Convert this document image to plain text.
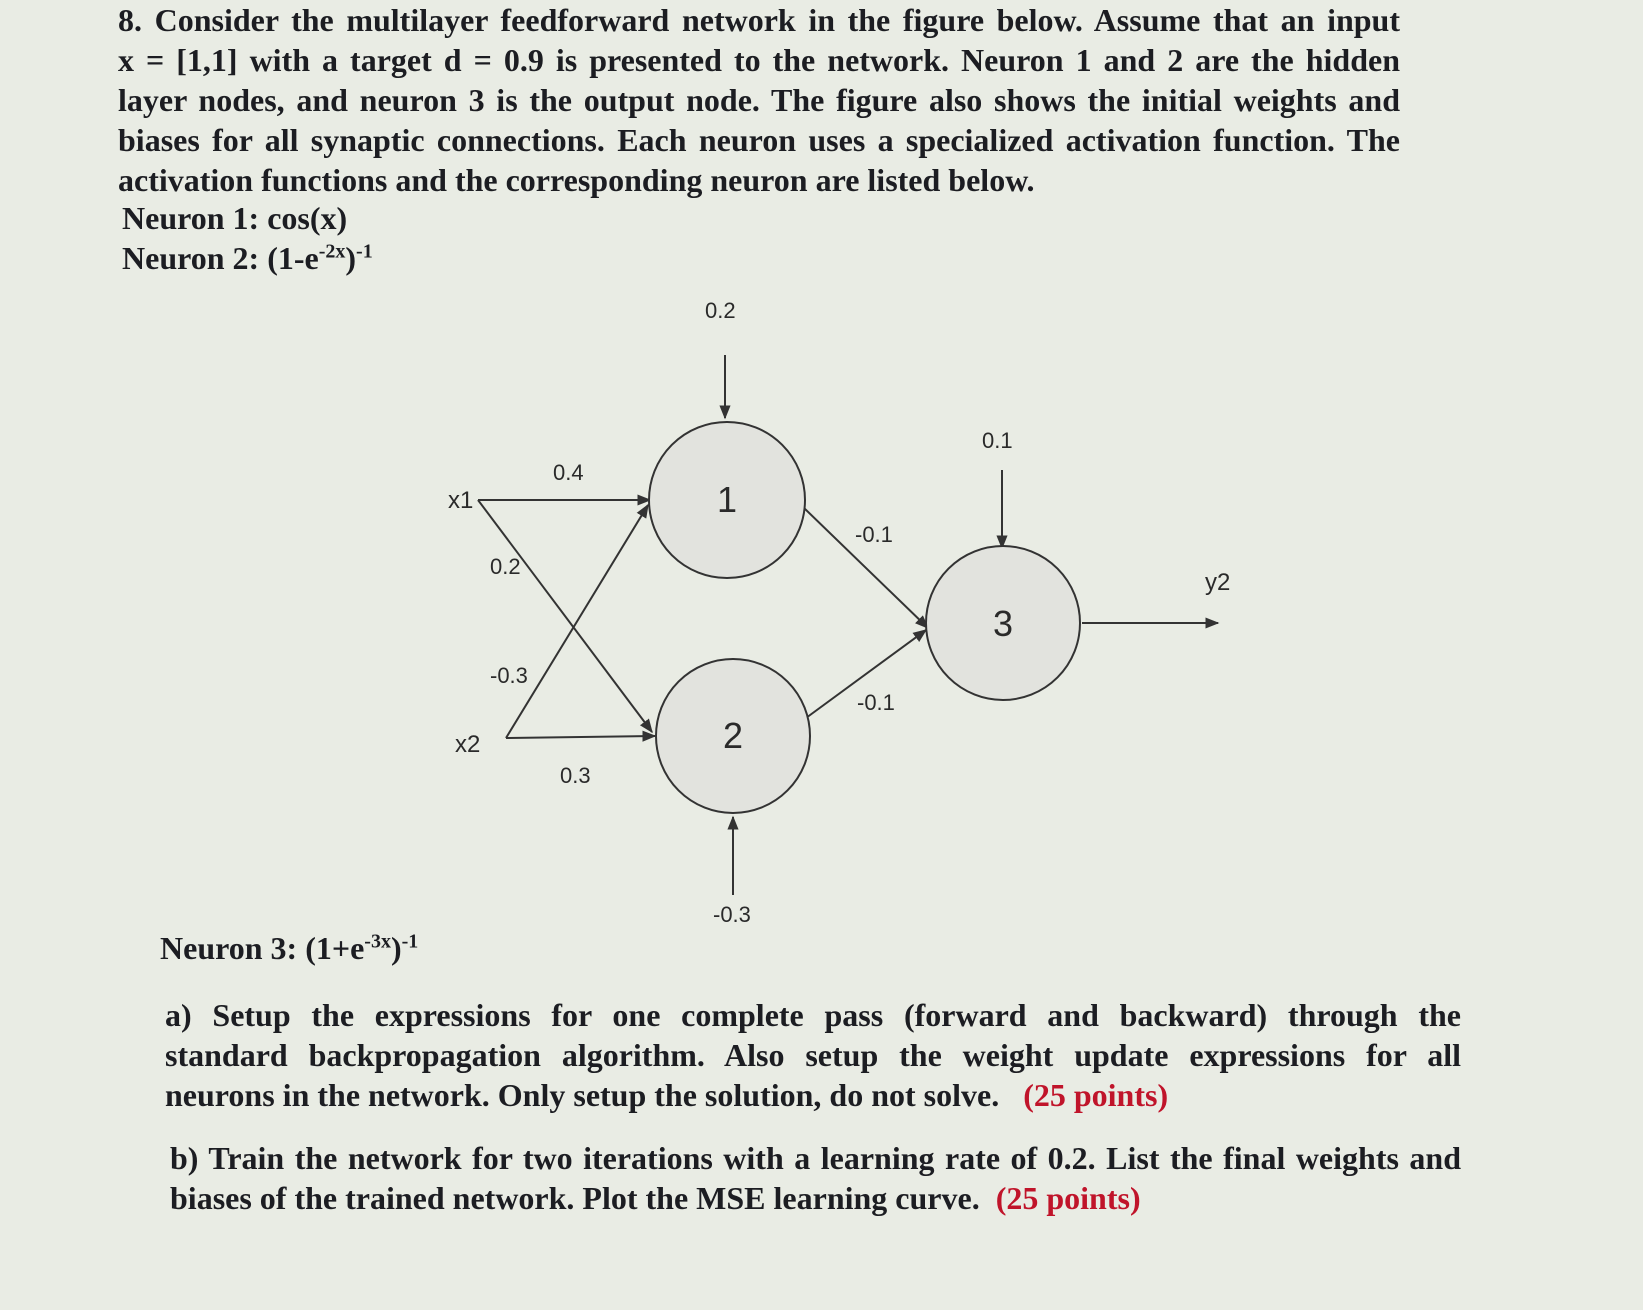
8. Consider the multilayer feedforward network in the figure below. Assume that an input
x = [1,1] with a target d = 0.9 is presented to the network. Neuron 1 and 2 are the hidden
layer nodes, and neuron 3 is the output node. The figure also shows the initial weights and
biases for all synaptic connections. Each neuron uses a specialized activation function. The
activation functions and the corresponding neuron are listed below.
Neuron 1: cos(x)
Neuron 2: $(1-e^{-2x})^{-1}$
1
2
3
x1
x2
y2
0.4
0.2
-0.3
0.3
-0.1
-0.1
0.2
-0.3
0.1
Neuron 3: $(1+e^{-3x})^{-1}$
a) Setup the expressions for one complete pass (forward and backward) through the
standard backpropagation algorithm. Also setup the weight update expressions for all
neurons in the network. Only setup the solution, do not solve. (25 points)
b) Train the network for two iterations with a learning rate of 0.2. List the final weights and
biases of the trained network. Plot the MSE learning curve. (25 points)
